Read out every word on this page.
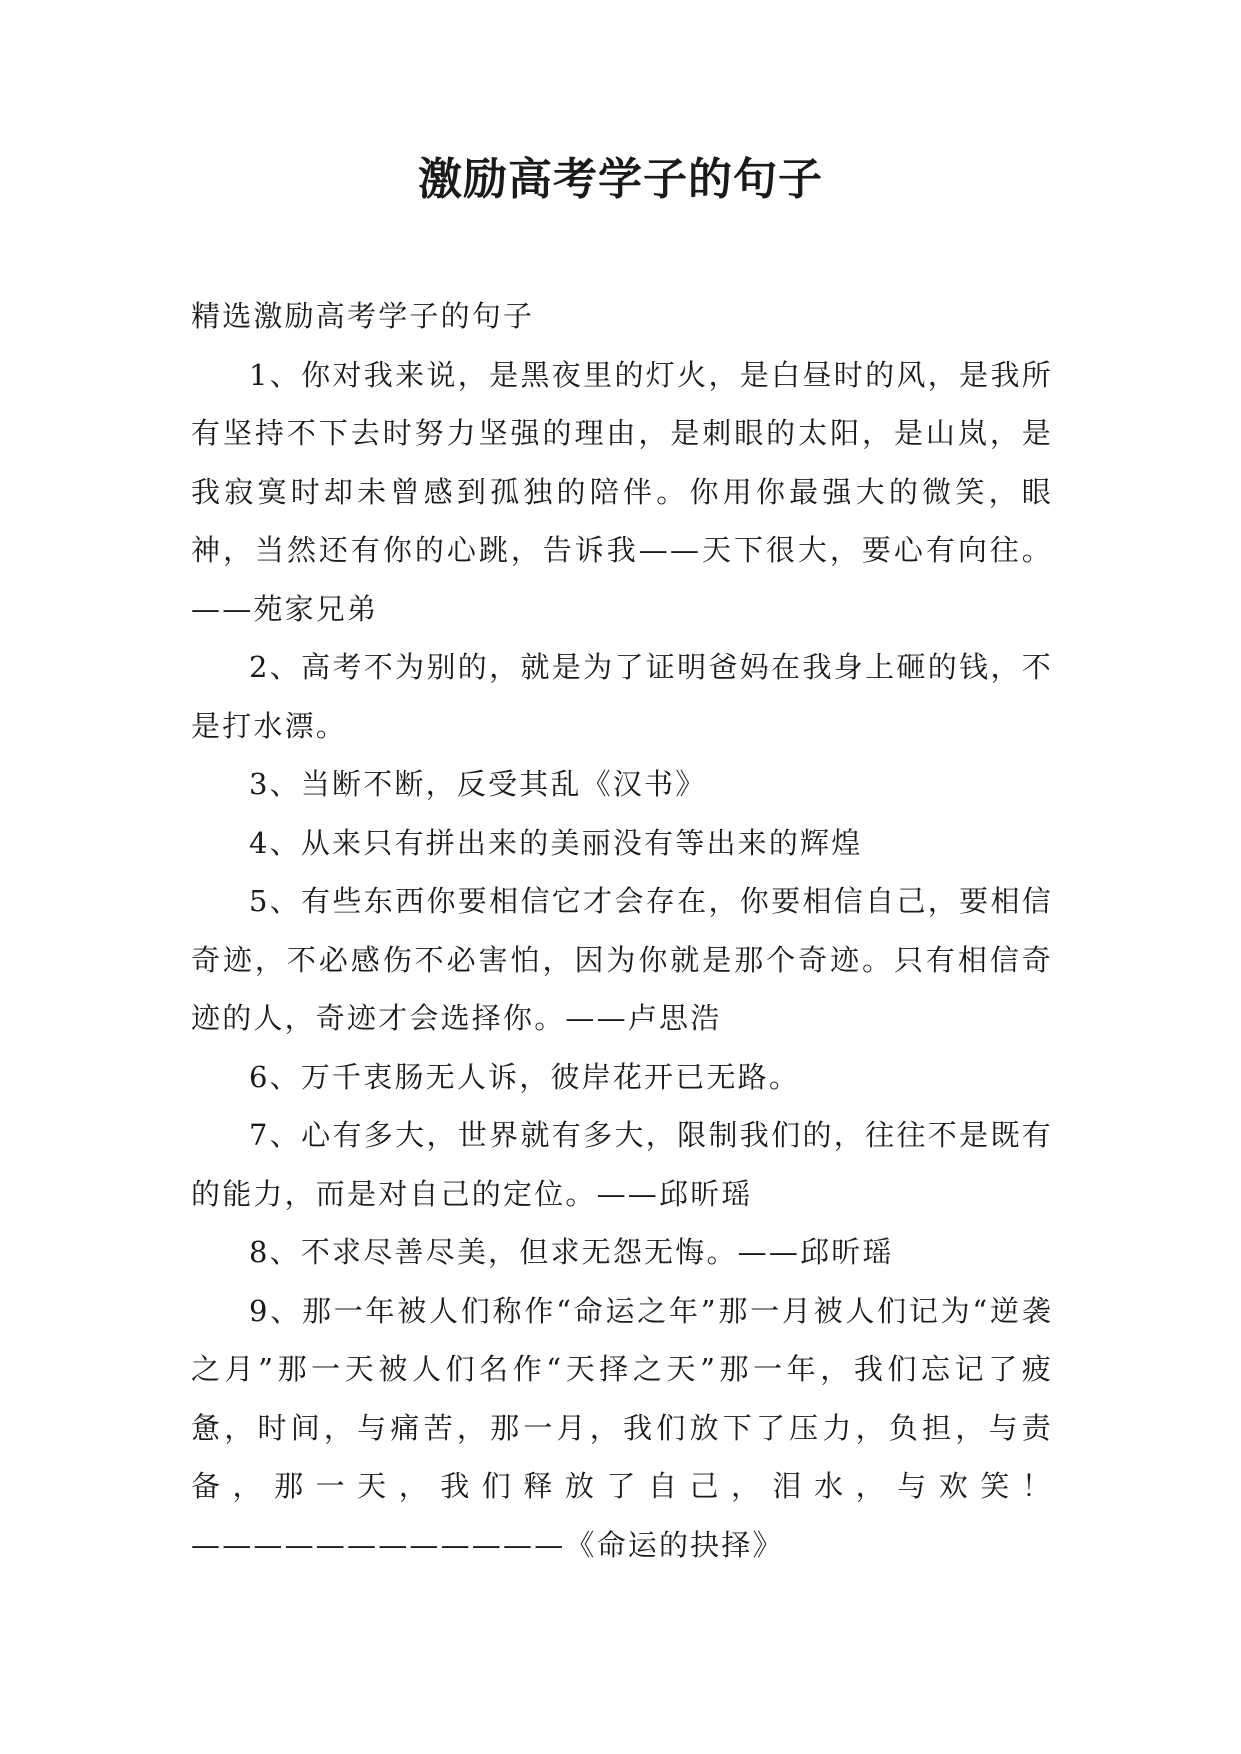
激励高考学子的句子

精选激励高考学子的句子

1、你对我来说，是黑夜里的灯火，是白昼时的风，是我所有坚持不下去时努力坚强的理由，是刺眼的太阳，是山岚，是我寂寞时却未曾感到孤独的陪伴。你用你最强大的微笑，眼神，当然还有你的心跳，告诉我——天下很大，要心有向往。——苑家兄弟

2、高考不为别的，就是为了证明爸妈在我身上砸的钱，不是打水漂。

3、当断不断，反受其乱《汉书》

4、从来只有拼出来的美丽没有等出来的辉煌

5、有些东西你要相信它才会存在，你要相信自己，要相信奇迹，不必感伤不必害怕，因为你就是那个奇迹。只有相信奇迹的人，奇迹才会选择你。——卢思浩

6、万千衷肠无人诉，彼岸花开已无路。

7、心有多大，世界就有多大，限制我们的，往往不是既有的能力，而是对自己的定位。——邱昕瑶

8、不求尽善尽美，但求无怨无悔。——邱昕瑶

9、那一年被人们称作“命运之年”那一月被人们记为“逆袭之月”那一天被人们名作“天择之天”那一年，我们忘记了疲惫，时间，与痛苦，那一月，我们放下了压力，负担，与责备，那一天，我们释放了自己，泪水，与欢笑！————————————《命运的抉择》
